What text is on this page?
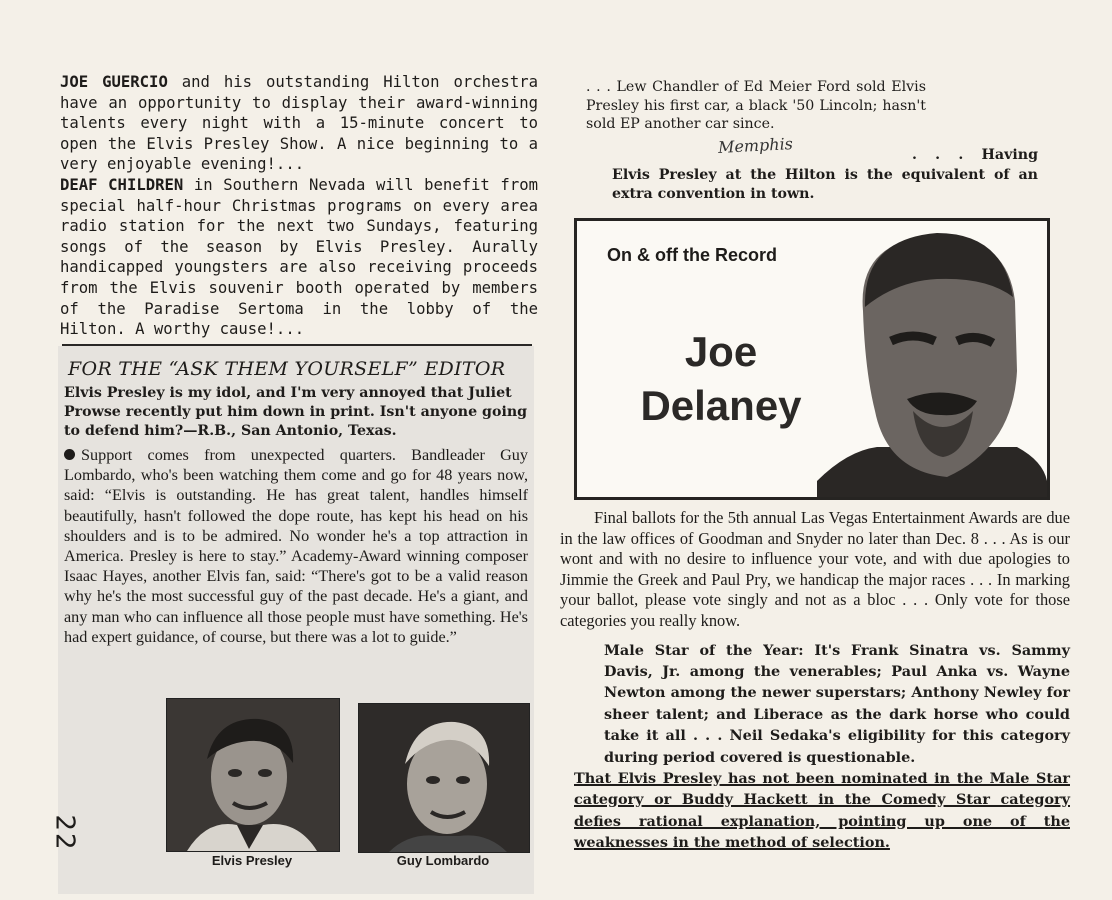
JOE GUERCIO and his outstanding Hilton orchestra have an opportunity to display their award-winning talents every night with a 15-minute concert to open the Elvis Presley Show. A nice beginning to a very enjoyable evening!...

DEAF CHILDREN in Southern Nevada will benefit from special half-hour Christmas programs on every area radio station for the next two Sundays, featuring songs of the season by Elvis Presley. Aurally handicapped youngsters are also receiving proceeds from the Elvis souvenir booth operated by members of the Paradise Sertoma in the lobby of the Hilton. A worthy cause!...

FOR THE “ASK THEM YOURSELF” EDITOR

Elvis Presley is my idol, and I'm very annoyed that Juliet Prowse recently put him down in print. Isn't anyone going to defend him?—R.B., San Antonio, Texas.

Support comes from unexpected quarters. Bandleader Guy Lombardo, who's been watching them come and go for 48 years now, said: “Elvis is outstanding. He has great talent, handles himself beautifully, hasn't followed the dope route, has kept his head on his shoulders and is to be admired. No wonder he's a top attraction in America. Presley is here to stay.” Academy-Award winning composer Isaac Hayes, another Elvis fan, said: “There's got to be a valid reason why he's the most successful guy of the past decade. He's a giant, and any man who can influence all those people must have something. He's had expert guidance, of course, but there was a lot to guide.”

Elvis Presley	Guy Lombardo
22

. . . Lew Chandler of Ed Meier Ford sold Elvis Presley his first car, a black '50 Lincoln; hasn't sold EP another car since.

Memphis	. . . Having Elvis Presley at the Hilton is the equivalent of an extra convention in town.

On & off the Record
Joe Delaney

Final ballots for the 5th annual Las Vegas Entertainment Awards are due in the law offices of Goodman and Snyder no later than Dec. 8 . . . As is our wont and with no desire to influence your vote, and with due apologies to Jimmie the Greek and Paul Pry, we handicap the major races . . . In marking your ballot, please vote singly and not as a bloc . . . Only vote for those categories you really know.

Male Star of the Year: It's Frank Sinatra vs. Sammy Davis, Jr. among the venerables; Paul Anka vs. Wayne Newton among the newer superstars; Anthony Newley for sheer talent; and Liberace as the dark horse who could take it all . . . Neil Sedaka's eligibility for this category during period covered is questionable.

That Elvis Presley has not been nominated in the Male Star category or Buddy Hackett in the Comedy Star category defies rational explanation, pointing up one of the weaknesses in the method of selection.
